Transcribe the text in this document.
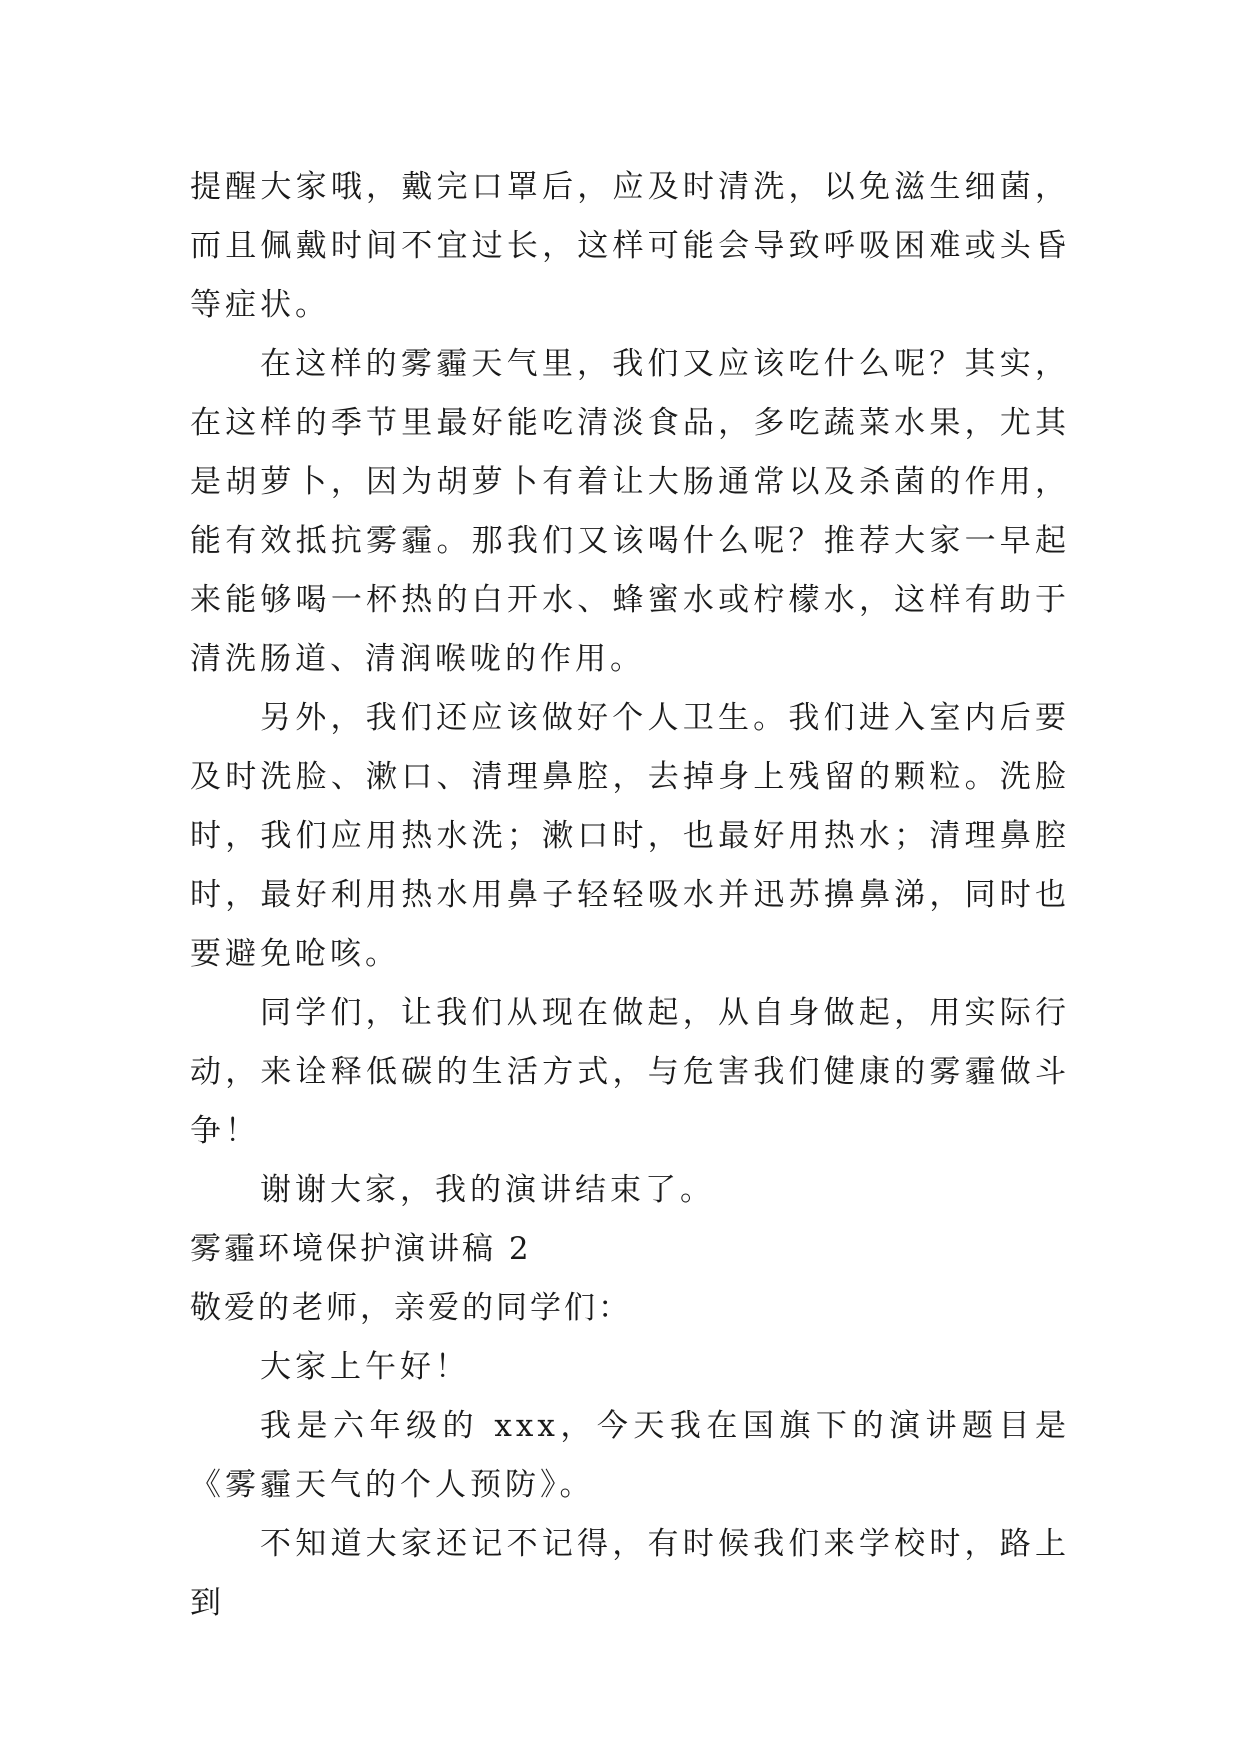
提醒大家哦，戴完口罩后，应及时清洗，以免滋生细菌，而且佩戴时间不宜过长，这样可能会导致呼吸困难或头昏等症状。

在这样的雾霾天气里，我们又应该吃什么呢？其实，在这样的季节里最好能吃清淡食品，多吃蔬菜水果，尤其是胡萝卜，因为胡萝卜有着让大肠通常以及杀菌的作用，能有效抵抗雾霾。那我们又该喝什么呢？推荐大家一早起来能够喝一杯热的白开水、蜂蜜水或柠檬水，这样有助于清洗肠道、清润喉咙的作用。

另外，我们还应该做好个人卫生。我们进入室内后要及时洗脸、漱口、清理鼻腔，去掉身上残留的颗粒。洗脸时，我们应用热水洗；漱口时，也最好用热水；清理鼻腔时，最好利用热水用鼻子轻轻吸水并迅苏擤鼻涕，同时也要避免呛咳。

同学们，让我们从现在做起，从自身做起，用实际行动，来诠释低碳的生活方式，与危害我们健康的雾霾做斗争！

谢谢大家，我的演讲结束了。

雾霾环境保护演讲稿 2

敬爱的老师，亲爱的同学们：

大家上午好！

我是六年级的 xxx，今天我在国旗下的演讲题目是《雾霾天气的个人预防》。

不知道大家还记不记得，有时候我们来学校时，路上到
